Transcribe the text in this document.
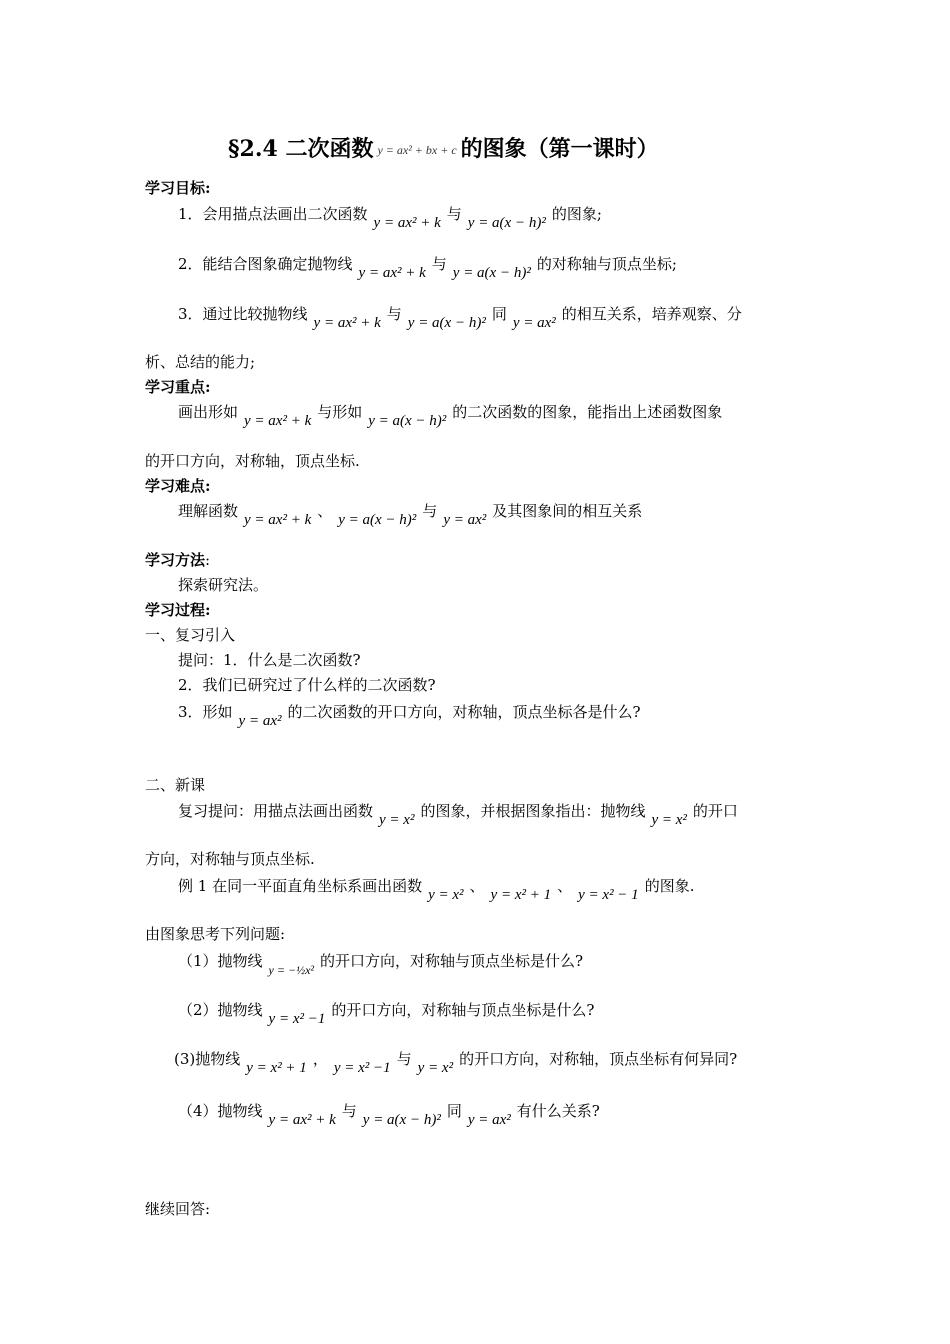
§2.4 二次函数 y = ax² + bx + c 的图象（第一课时）
学习目标:
1．会用描点法画出二次函数 y = ax² + k 与 y = a(x − h)² 的图象;
2．能结合图象确定抛物线 y = ax² + k 与 y = a(x − h)² 的对称轴与顶点坐标;
3．通过比较抛物线 y = ax² + k 与 y = a(x − h)² 同 y = ax² 的相互关系，培养观察、分
析、总结的能力;
学习重点:
画出形如 y = ax² + k 与形如 y = a(x − h)² 的二次函数的图象，能指出上述函数图象
的开口方向，对称轴，顶点坐标.
学习难点:
理解函数 y = ax² + k 、 y = a(x − h)² 与 y = ax² 及其图象间的相互关系
学习方法:
探索研究法。
学习过程:
一、复习引入
提问：1．什么是二次函数?
2．我们已研究过了什么样的二次函数?
3．形如 y = ax² 的二次函数的开口方向，对称轴，顶点坐标各是什么?
二、新课
复习提问：用描点法画出函数 y = x² 的图象，并根据图象指出：抛物线 y = x² 的开口
方向，对称轴与顶点坐标.
例 1 在同一平面直角坐标系画出函数 y = x² 、 y = x² + 1 、 y = x² − 1 的图象.
由图象思考下列问题:
（1）抛物线 y = −½x² 的开口方向，对称轴与顶点坐标是什么?
（2）抛物线 y = x² −1 的开口方向，对称轴与顶点坐标是什么?
(3)抛物线 y = x² + 1 ， y = x² −1 与 y = x² 的开口方向，对称轴，顶点坐标有何异同?
（4）抛物线 y = ax² + k 与 y = a(x − h)² 同 y = ax² 有什么关系?
继续回答:
